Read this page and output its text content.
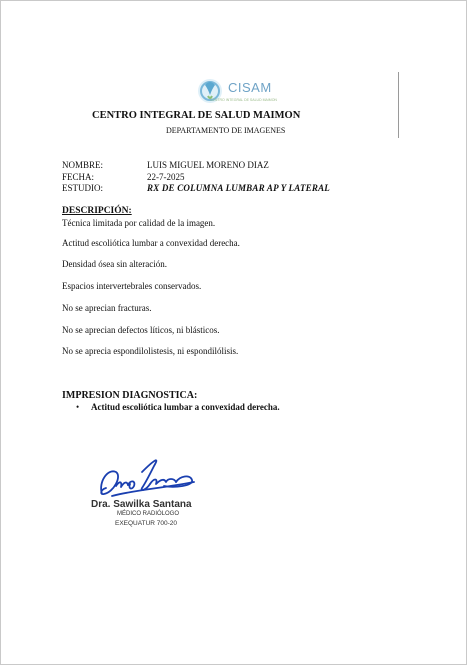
CISAM
CENTRO INTEGRAL DE SALUD MAIMON
CENTRO INTEGRAL DE SALUD MAIMON
DEPARTAMENTO DE IMAGENES
NOMBRE:	LUIS MIGUEL MORENO DIAZ
FECHA:	22-7-2025
ESTUDIO:	RX DE COLUMNA LUMBAR AP Y LATERAL
DESCRIPCIÓN:
Técnica limitada por calidad de la imagen.
Actitud escoliótica lumbar a convexidad derecha.
Densidad ósea sin alteración.
Espacios intervertebrales conservados.
No se aprecian fracturas.
No se aprecian defectos líticos, ni blásticos.
No se aprecia espondilolistesis, ni espondilólisis.
IMPRESION DIAGNOSTICA:
• Actitud escoliótica lumbar a convexidad derecha.
Dra. Sawilka Santana
MÉDICO RADIÓLOGO
EXEQUATUR 700-20
